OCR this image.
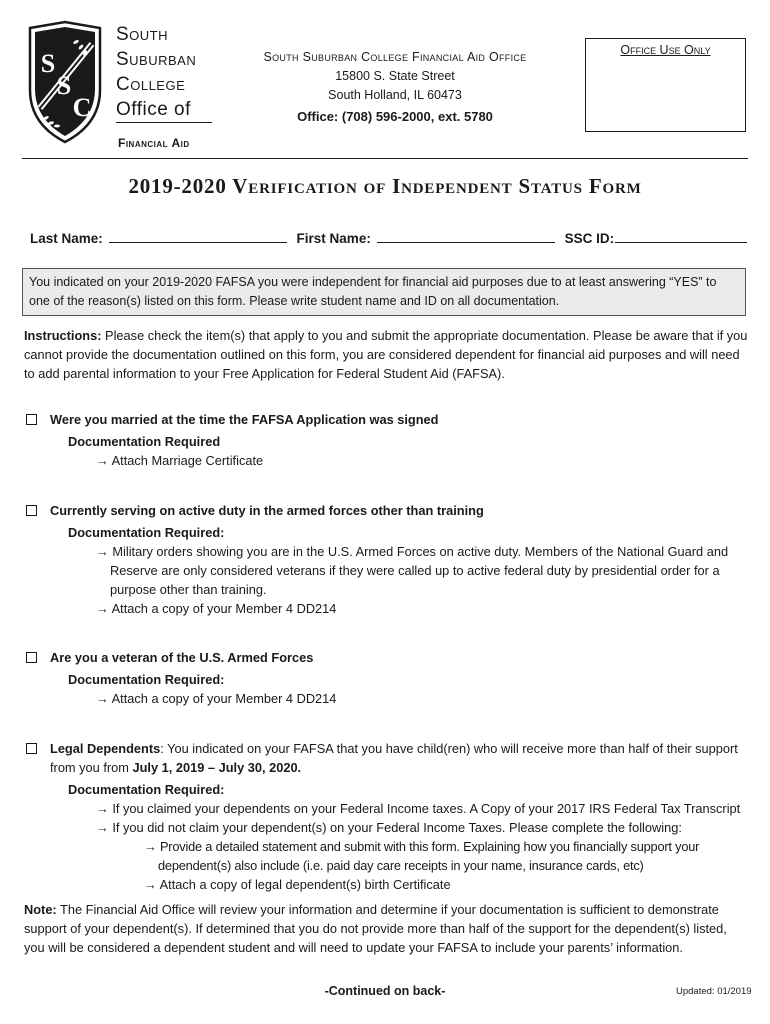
S
S
C
South
Suburban
College
Office of
Financial Aid
South Suburban College Financial Aid Office
15800 S. State Street
South Holland, IL 60473
Office: (708) 596-2000, ext. 5780
Office Use Only
2019-2020 Verification of Independent Status Form
Last Name:	First Name:	SSC ID:
You indicated on your 2019-2020 FAFSA you were independent for financial aid purposes due to at least answering “YES” to one of the reason(s) listed on this form. Please write student name and ID on all documentation.
Instructions: Please check the item(s) that apply to you and submit the appropriate documentation. Please be aware that if you cannot provide the documentation outlined on this form, you are considered dependent for financial aid purposes and will need to add parental information to your Free Application for Federal Student Aid (FAFSA).
Were you married at the time the FAFSA Application was signed
Documentation Required
→ Attach Marriage Certificate
Currently serving on active duty in the armed forces other than training
Documentation Required:
→ Military orders showing you are in the U.S. Armed Forces on active duty. Members of the National Guard and Reserve are only considered veterans if they were called up to active federal duty by presidential order for a purpose other than training.
→ Attach a copy of your Member 4 DD214
Are you a veteran of the U.S. Armed Forces
Documentation Required:
→ Attach a copy of your Member 4 DD214
Legal Dependents: You indicated on your FAFSA that you have child(ren) who will receive more than half of their support from you from July 1, 2019 – July 30, 2020.
Documentation Required:
→ If you claimed your dependents on your Federal Income taxes. A Copy of your 2017 IRS Federal Tax Transcript
→ If you did not claim your dependent(s) on your Federal Income Taxes. Please complete the following:
→ Provide a detailed statement and submit with this form. Explaining how you financially support your dependent(s) also include (i.e. paid day care receipts in your name, insurance cards, etc)
→ Attach a copy of legal dependent(s) birth Certificate
Note: The Financial Aid Office will review your information and determine if your documentation is sufficient to demonstrate support of your dependent(s). If determined that you do not provide more than half of the support for the dependent(s) listed, you will be considered a dependent student and will need to update your FAFSA to include your parents’ information.
-Continued on back-	Updated: 01/2019
